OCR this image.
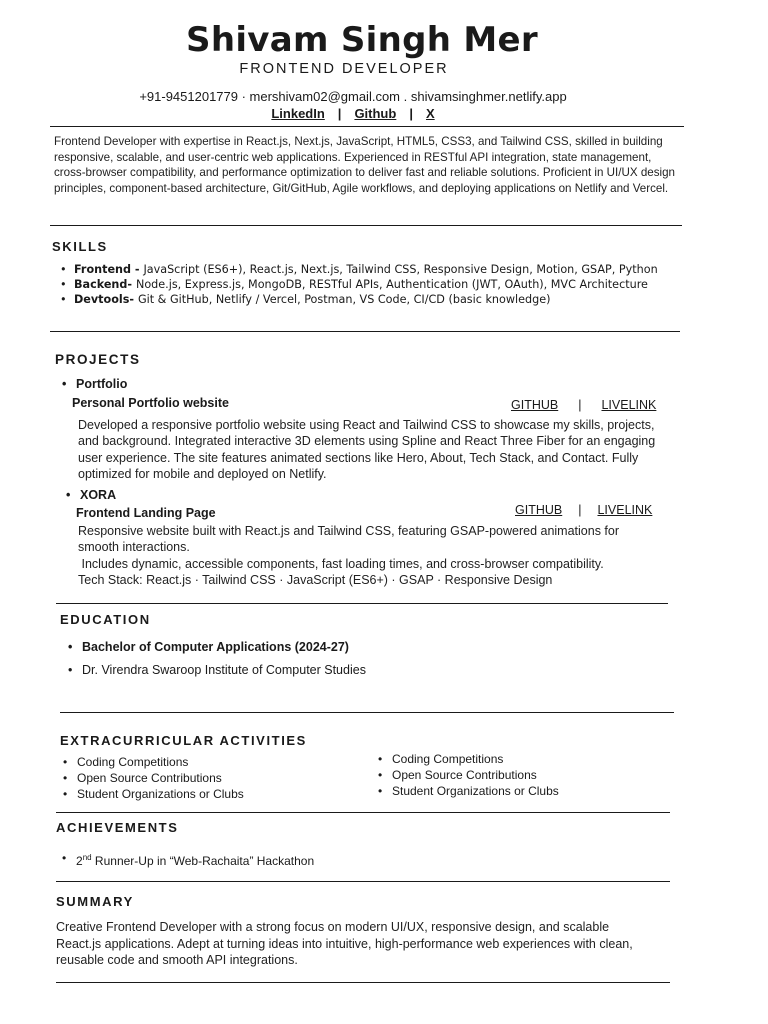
Shivam Singh Mer
FRONTEND DEVELOPER
+91-9451201779 · mershivam02@gmail.com . shivamsinghmer.netlify.app
LinkedIn | Github | X
Frontend Developer with expertise in React.js, Next.js, JavaScript, HTML5, CSS3, and Tailwind CSS, skilled in building responsive, scalable, and user-centric web applications. Experienced in RESTful API integration, state management, cross-browser compatibility, and performance optimization to deliver fast and reliable solutions. Proficient in UI/UX design principles, component-based architecture, Git/GitHub, Agile workflows, and deploying applications on Netlify and Vercel.
SKILLS
• Frontend - JavaScript (ES6+), React.js, Next.js, Tailwind CSS, Responsive Design, Motion, GSAP, Python
• Backend- Node.js, Express.js, MongoDB, RESTful APIs, Authentication (JWT, OAuth), MVC Architecture
• Devtools- Git & GitHub, Netlify / Vercel, Postman, VS Code, CI/CD (basic knowledge)
PROJECTS
• Portfolio
Personal Portfolio website	GITHUB | LIVELINK
Developed a responsive portfolio website using React and Tailwind CSS to showcase my skills, projects, and background. Integrated interactive 3D elements using Spline and React Three Fiber for an engaging user experience. The site features animated sections like Hero, About, Tech Stack, and Contact. Fully optimized for mobile and deployed on Netlify.
• XORA
Frontend Landing Page	GITHUB | LIVELINK
Responsive website built with React.js and Tailwind CSS, featuring GSAP-powered animations for
smooth interactions.
Includes dynamic, accessible components, fast loading times, and cross-browser compatibility.
Tech Stack: React.js · Tailwind CSS · JavaScript (ES6+) · GSAP · Responsive Design
EDUCATION
• Bachelor of Computer Applications (2024-27)
• Dr. Virendra Swaroop Institute of Computer Studies
EXTRACURRICULAR ACTIVITIES
• Coding Competitions
• Open Source Contributions
• Student Organizations or Clubs
• Coding Competitions
• Open Source Contributions
• Student Organizations or Clubs
ACHIEVEMENTS
• 2nd Runner-Up in “Web-Rachaita” Hackathon
SUMMARY
Creative Frontend Developer with a strong focus on modern UI/UX, responsive design, and scalable React.js applications. Adept at turning ideas into intuitive, high-performance web experiences with clean, reusable code and smooth API integrations.
